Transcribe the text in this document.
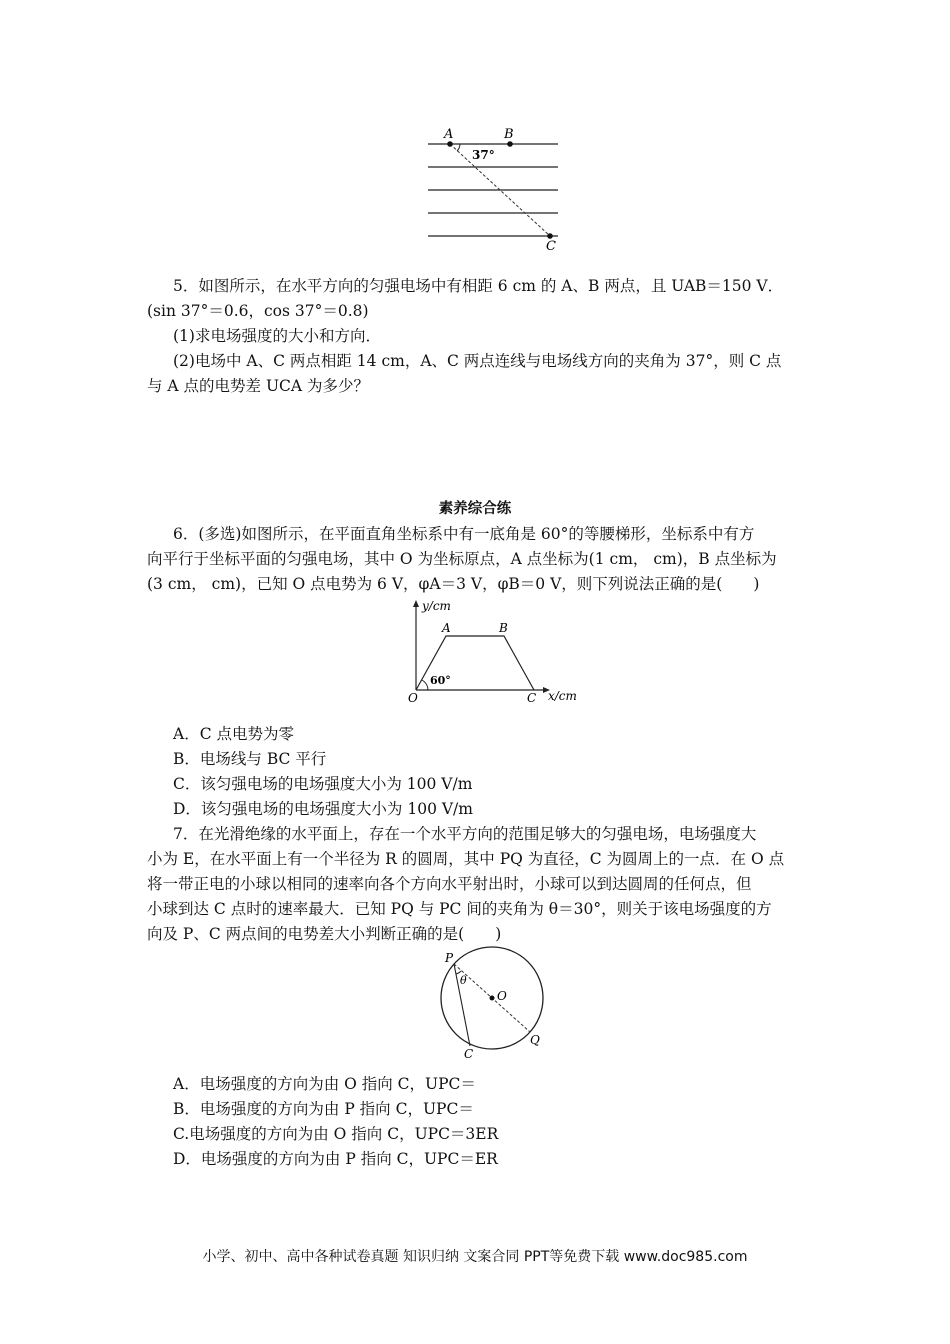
A	B
C
37°
5．如图所示，在水平方向的匀强电场中有相距 6 cm 的 A、B 两点，且 UAB＝150 V．
(sin 37°＝0.6，cos 37°＝0.8)
(1)求电场强度的大小和方向．
(2)电场中 A、C 两点相距 14 cm，A、C 两点连线与电场线方向的夹角为 37°，则 C 点
与 A 点的电势差 UCA 为多少？
素养综合练
6．(多选)如图所示，在平面直角坐标系中有一底角是 60°的等腰梯形，坐标系中有方
向平行于坐标平面的匀强电场，其中 O 为坐标原点，A 点坐标为(1 cm， cm)，B 点坐标为
(3 cm， cm)，已知 O 点电势为 6 V，φA＝3 V，φB＝0 V，则下列说法正确的是(　　)
y/cm
x/cm
O
A	B
C
60°
A．C 点电势为零
B．电场线与 BC 平行
C．该匀强电场的电场强度大小为 100 V/m
D．该匀强电场的电场强度大小为 100 V/m
7．在光滑绝缘的水平面上，存在一个水平方向的范围足够大的匀强电场，电场强度大
小为 E，在水平面上有一个半径为 R 的圆周，其中 PQ 为直径，C 为圆周上的一点．在 O 点
将一带正电的小球以相同的速率向各个方向水平射出时，小球可以到达圆周的任何点，但
小球到达 C 点时的速率最大．已知 PQ 与 PC 间的夹角为 θ＝30°，则关于该电场强度的方
向及 P、C 两点间的电势差大小判断正确的是(　　)
P
O
C
Q
θ
A．电场强度的方向为由 O 指向 C，UPC＝
B．电场强度的方向为由 P 指向 C，UPC＝
C.电场强度的方向为由 O 指向 C，UPC＝3ER
D．电场强度的方向为由 P 指向 C，UPC＝ER
小学、初中、高中各种试卷真题 知识归纳 文案合同 PPT等免费下载 www.doc985.com
